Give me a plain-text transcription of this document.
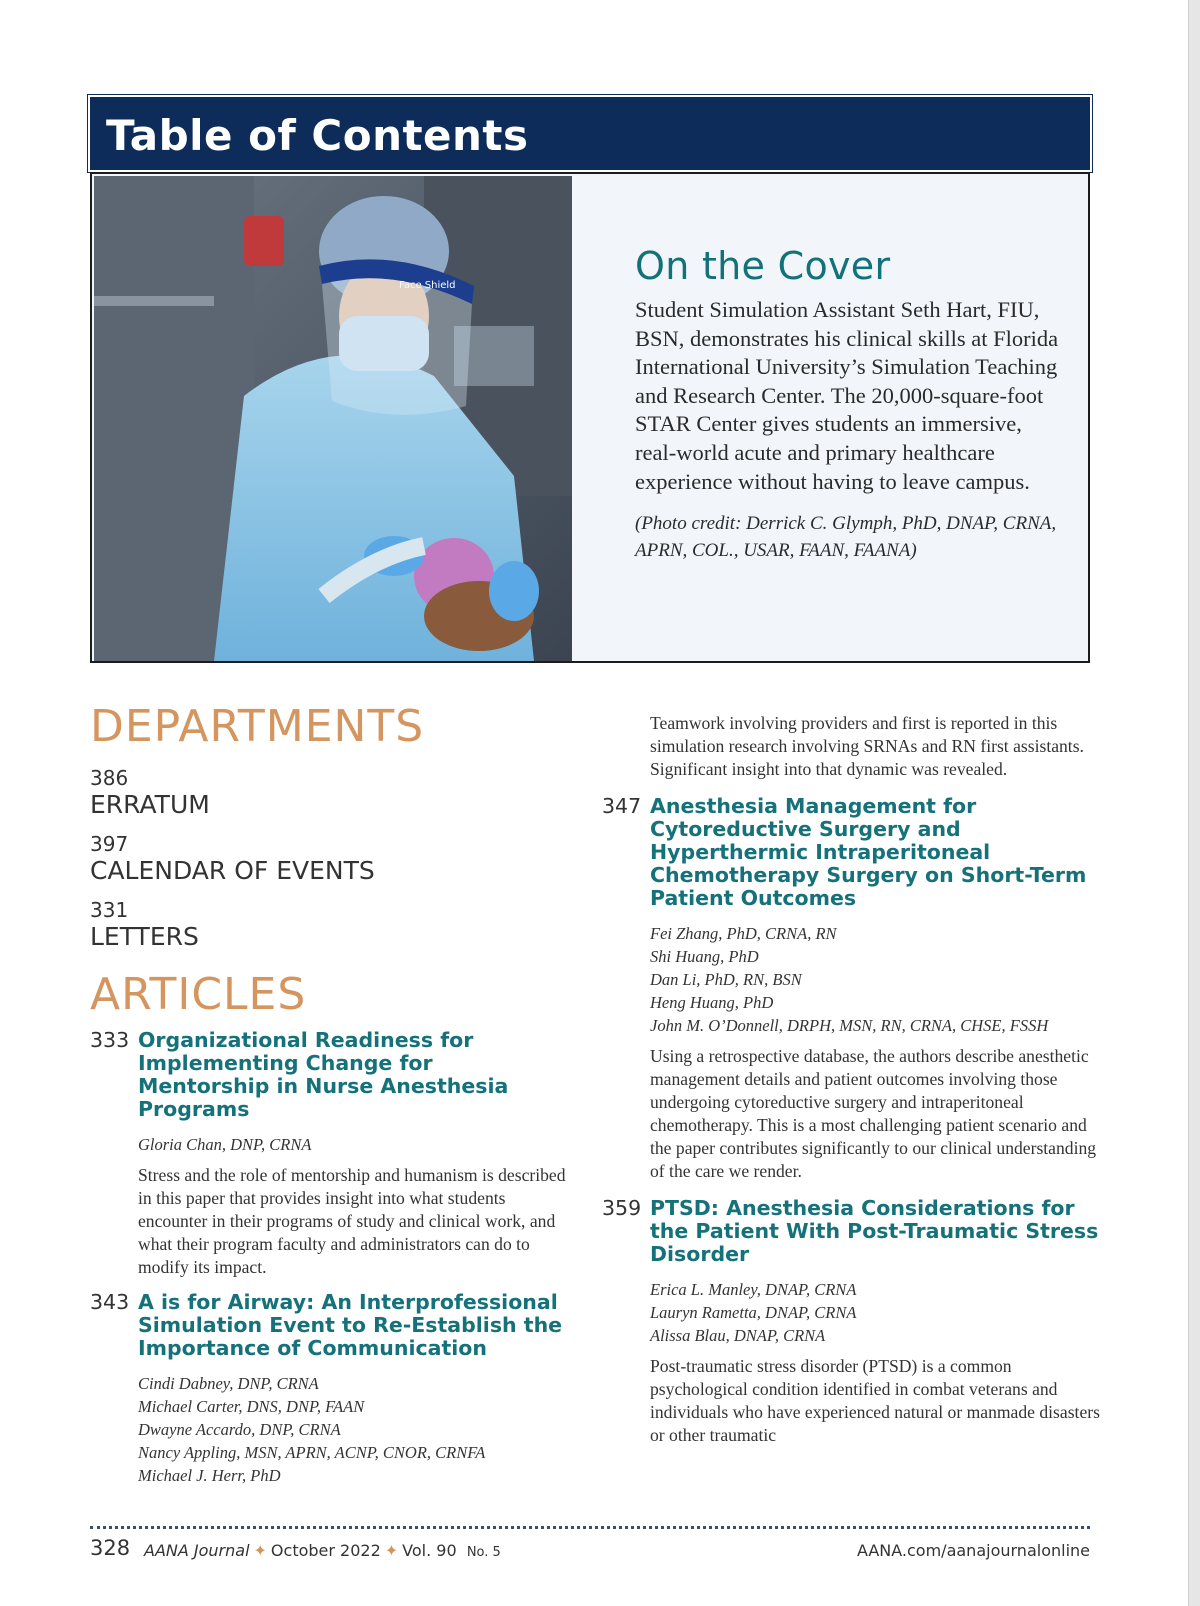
Table of Contents
Face Shield	On the Cover

Student Simulation Assistant Seth Hart, FIU, BSN, demonstrates his clinical skills at Florida International University’s Simulation Teaching and Research Center. The 20,000-square-foot STAR Center gives students an immersive, real-world acute and primary healthcare experience without having to leave campus.

(Photo credit: Derrick C. Glymph, PhD, DNAP, CRNA, APRN, COL., USAR, FAAN, FAANA)

DEPARTMENTS
386
ERRATUM
397
CALENDAR OF EVENTS
331
LETTERS
ARTICLES
333 Organizational Readiness for Implementing Change for Mentorship in Nurse Anesthesia Programs
Gloria Chan, DNP, CRNA

Stress and the role of mentorship and humanism is described in this paper that provides insight into what students encounter in their programs of study and clinical work, and what their program faculty and administrators can do to modify its impact.

343 A is for Airway: An Interprofessional Simulation Event to Re-Establish the Importance of Communication
Cindi Dabney, DNP, CRNA
Michael Carter, DNS, DNP, FAAN
Dwayne Accardo, DNP, CRNA
Nancy Appling, MSN, APRN, ACNP, CNOR, CRNFA
Michael J. Herr, PhD

Teamwork involving providers and first is reported in this simulation research involving SRNAs and RN first assistants. Significant insight into that dynamic was revealed.

347 Anesthesia Management for Cytoreductive Surgery and Hyperthermic Intraperitoneal Chemotherapy Surgery on Short-Term Patient Outcomes
Fei Zhang, PhD, CRNA, RN
Shi Huang, PhD
Dan Li, PhD, RN, BSN
Heng Huang, PhD
John M. O’Donnell, DRPH, MSN, RN, CRNA, CHSE, FSSH

Using a retrospective database, the authors describe anesthetic management details and patient outcomes involving those undergoing cytoreductive surgery and intraperitoneal chemotherapy. This is a most challenging patient scenario and the paper contributes significantly to our clinical understanding of the care we render.

359 PTSD: Anesthesia Considerations for the Patient With Post-Traumatic Stress Disorder
Erica L. Manley, DNAP, CRNA
Lauryn Rametta, DNAP, CRNA
Alissa Blau, DNAP, CRNA

Post-traumatic stress disorder (PTSD) is a common psychological condition identified in combat veterans and individuals who have experienced natural or manmade disasters or other traumatic

328 AANA Journal ✦ October 2022 ✦ Vol. 90 No. 5	AANA.com/aanajournalonline
